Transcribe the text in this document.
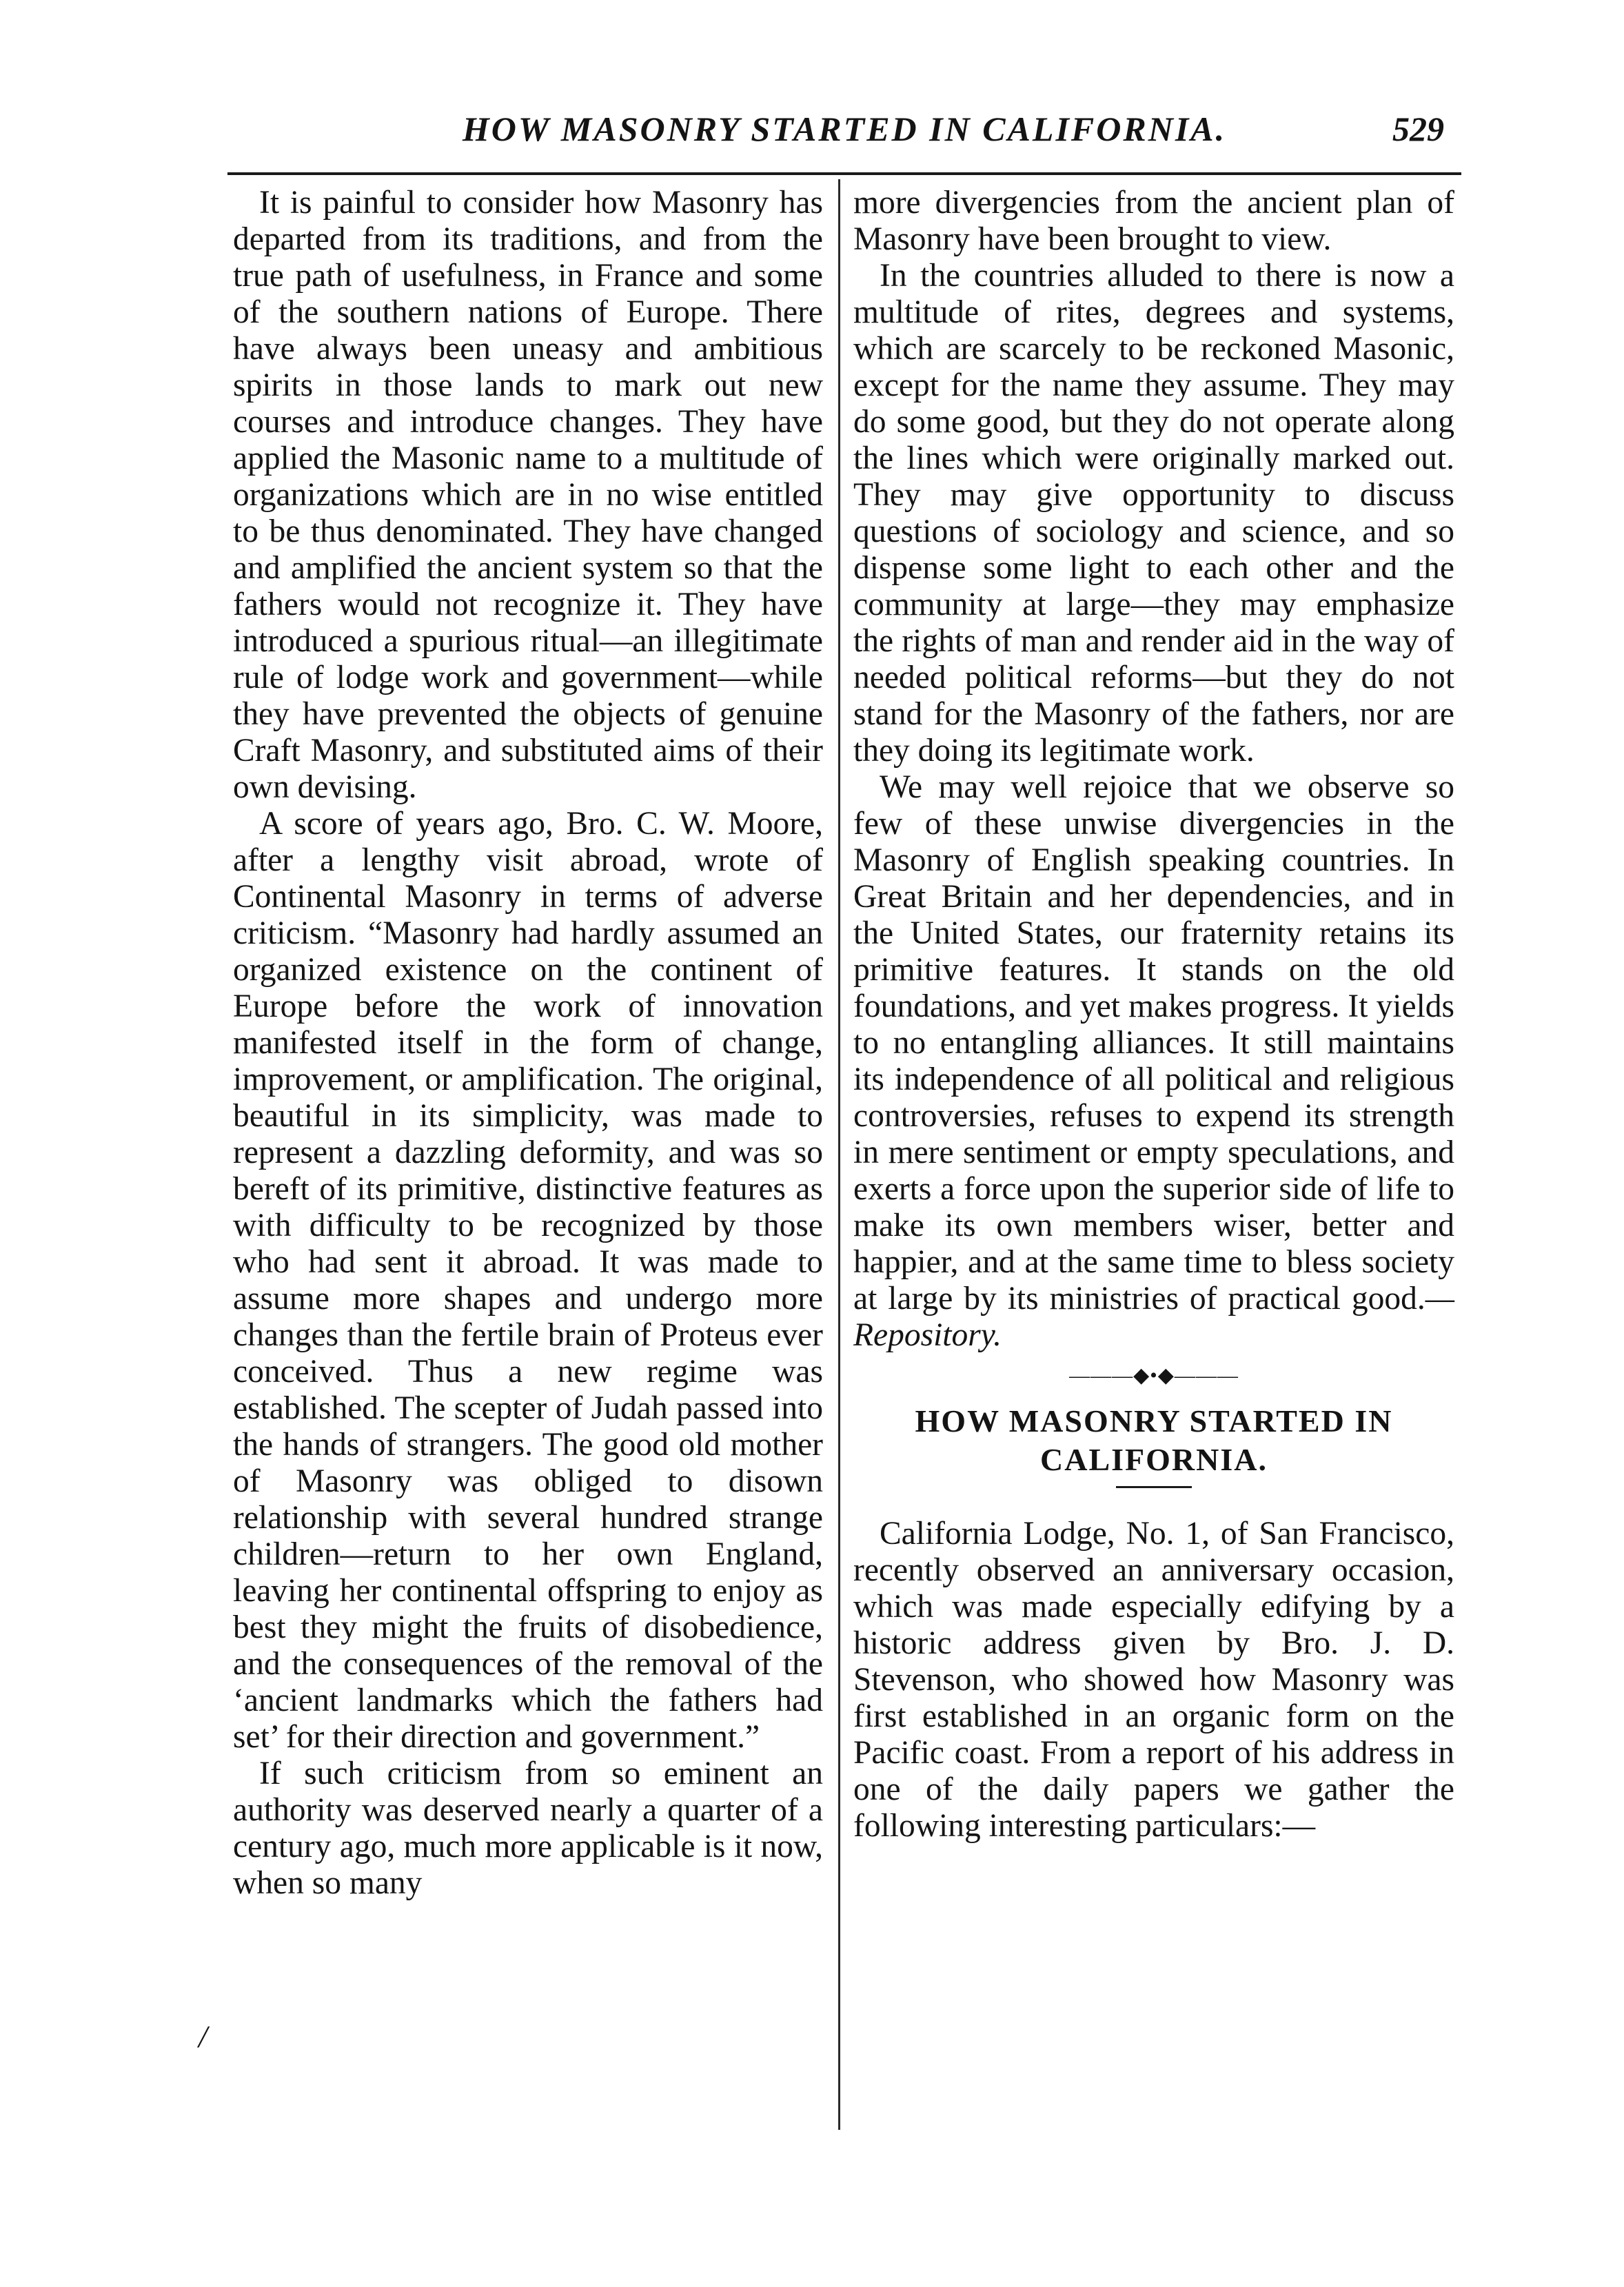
HOW MASONRY STARTED IN CALIFORNIA.	529

It is painful to consider how Masonry has departed from its traditions, and from the true path of usefulness, in France and some of the southern nations of Europe. There have always been uneasy and ambitious spirits in those lands to mark out new courses and introduce changes. They have applied the Masonic name to a multitude of organizations which are in no wise entitled to be thus denominated. They have changed and amplified the ancient system so that the fathers would not recognize it. They have introduced a spurious ritual—an illegitimate rule of lodge work and government—while they have prevented the objects of genuine Craft Masonry, and substituted aims of their own devising.

A score of years ago, Bro. C. W. Moore, after a lengthy visit abroad, wrote of Continental Masonry in terms of adverse criticism. “Masonry had hardly assumed an organized existence on the continent of Europe before the work of innovation manifested itself in the form of change, improvement, or amplification. The original, beautiful in its simplicity, was made to represent a dazzling deformity, and was so bereft of its primitive, distinctive features as with difficulty to be recognized by those who had sent it abroad. It was made to assume more shapes and undergo more changes than the fertile brain of Proteus ever conceived. Thus a new regime was established. The scepter of Judah passed into the hands of strangers. The good old mother of Masonry was obliged to disown relationship with several hundred strange children—return to her own England, leaving her continental offspring to enjoy as best they might the fruits of disobedience, and the consequences of the removal of the ‘ancient landmarks which the fathers had set’ for their direction and government.”

If such criticism from so eminent an authority was deserved nearly a quarter of a century ago, much more applicable is it now, when so many

/

more divergencies from the ancient plan of Masonry have been brought to view.

In the countries alluded to there is now a multitude of rites, degrees and systems, which are scarcely to be reckoned Masonic, except for the name they assume. They may do some good, but they do not operate along the lines which were originally marked out. They may give opportunity to discuss questions of sociology and science, and so dispense some light to each other and the community at large—they may emphasize the rights of man and render aid in the way of needed political reforms—but they do not stand for the Masonry of the fathers, nor are they doing its legitimate work.

We may well rejoice that we observe so few of these unwise divergencies in the Masonry of English speaking countries. In Great Britain and her dependencies, and in the United States, our fraternity retains its primitive features. It stands on the old foundations, and yet makes progress. It yields to no entangling alliances. It still maintains its independence of all political and religious controversies, refuses to expend its strength in mere sentiment or empty speculations, and exerts a force upon the superior side of life to make its own members wiser, better and happier, and at the same time to bless society at large by its ministries of practical good.—Repository.

———◆•◆———
HOW MASONRY STARTED IN CALIFORNIA.

California Lodge, No. 1, of San Francisco, recently observed an anniversary occasion, which was made especially edifying by a historic address given by Bro. J. D. Stevenson, who showed how Masonry was first established in an organic form on the Pacific coast. From a report of his address in one of the daily papers we gather the following interesting particulars:—
